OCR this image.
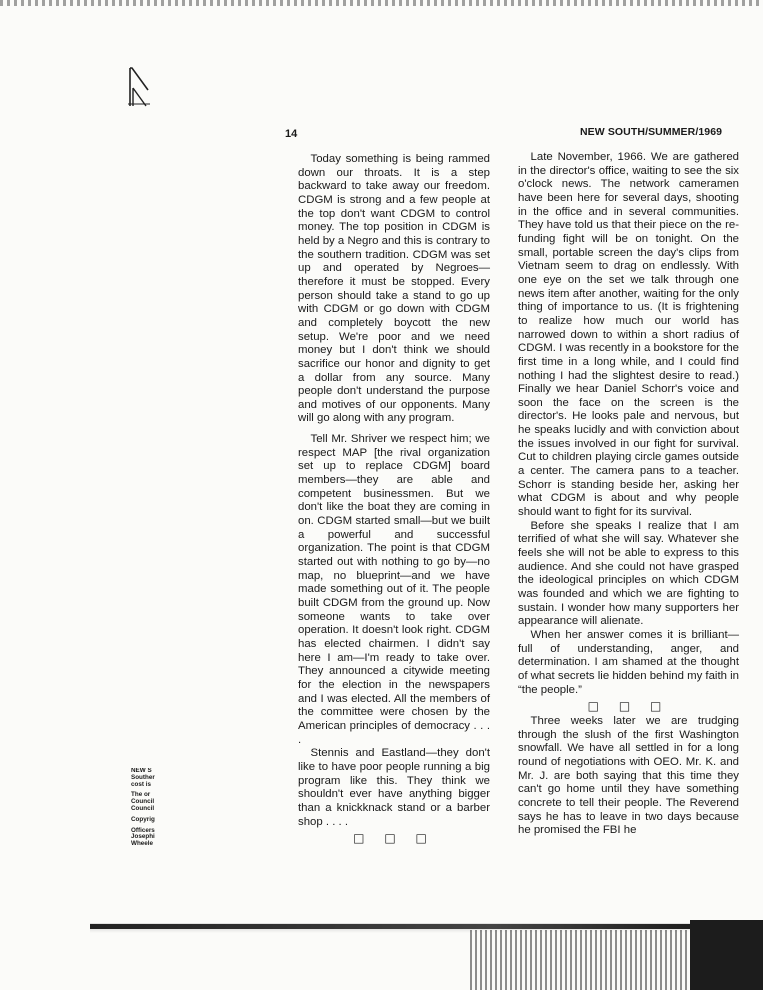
14	NEW SOUTH/SUMMER/1969

Today something is being rammed down our throats. It is a step backward to take away our freedom. CDGM is strong and a few people at the top don't want CDGM to control money. The top position in CDGM is held by a Negro and this is contrary to the southern tradition. CDGM was set up and operated by Negroes—therefore it must be stopped. Every person should take a stand to go up with CDGM or go down with CDGM and completely boycott the new setup. We're poor and we need money but I don't think we should sacrifice our honor and dignity to get a dollar from any source. Many people don't understand the purpose and motives of our opponents. Many will go along with any program.

Tell Mr. Shriver we respect him; we respect MAP [the rival organization set up to replace CDGM] board members—they are able and competent businessmen. But we don't like the boat they are coming in on. CDGM started small—but we built a powerful and successful organization. The point is that CDGM started out with nothing to go by—no map, no blueprint—and we have made something out of it. The people built CDGM from the ground up. Now someone wants to take over operation. It doesn't look right. CDGM has elected chairmen. I didn't say here I am—I'm ready to take over. They announced a citywide meeting for the election in the newspapers and I was elected. All the members of the committee were chosen by the American principles of democracy . . . .

Stennis and Eastland—they don't like to have poor people running a big program like this. They think we shouldn't ever have anything bigger than a knickknack stand or a barber shop . . . .

□ □ □

Late November, 1966. We are gathered in the director's office, waiting to see the six o'clock news. The network cameramen have been here for several days, shooting in the office and in several communities. They have told us that their piece on the re-funding fight will be on tonight. On the small, portable screen the day's clips from Vietnam seem to drag on endlessly. With one eye on the set we talk through one news item after another, waiting for the only thing of importance to us. (It is frightening to realize how much our world has narrowed down to within a short radius of CDGM. I was recently in a bookstore for the first time in a long while, and I could find nothing I had the slightest desire to read.) Finally we hear Daniel Schorr's voice and soon the face on the screen is the director's. He looks pale and nervous, but he speaks lucidly and with conviction about the issues involved in our fight for survival. Cut to children playing circle games outside a center. The camera pans to a teacher. Schorr is standing beside her, asking her what CDGM is about and why people should want to fight for its survival.

Before she speaks I realize that I am terrified of what she will say. Whatever she feels she will not be able to express to this audience. And she could not have grasped the ideological principles on which CDGM was founded and which we are fighting to sustain. I wonder how many supporters her appearance will alienate.

When her answer comes it is brilliant—full of understanding, anger, and determination. I am shamed at the thought of what secrets lie hidden behind my faith in “the people.”

□ □ □

Three weeks later we are trudging through the slush of the first Washington snowfall. We have all settled in for a long round of negotiations with OEO. Mr. K. and Mr. J. are both saying that this time they can't go home until they have something concrete to tell their people. The Reverend says he has to leave in two days because he promised the FBI he

NEW S
Souther
cost is
The or
Council
Council
Copyrig
Officers
Josephi
Wheele
